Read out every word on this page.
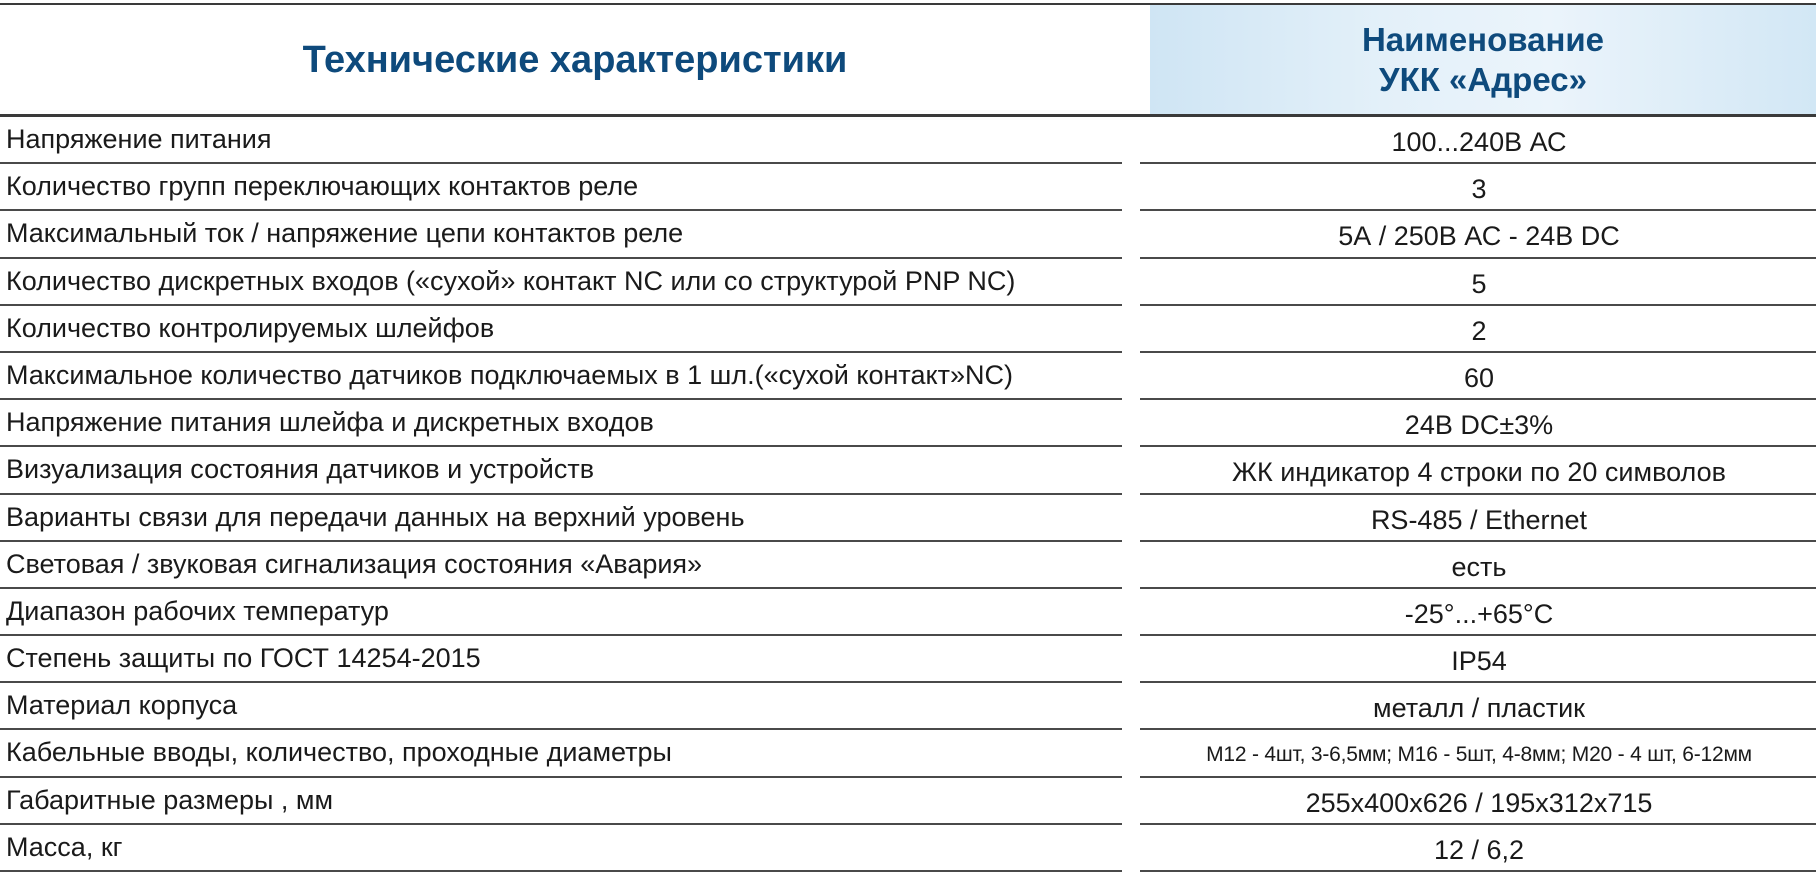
Технические характеристики	Наименование
УКК «Адрес»
Напряжение питания	100...240В АС
Количество групп переключающих контактов реле	3
Максимальный ток / напряжение цепи контактов реле	5А / 250В АС - 24В DC
Количество дискретных входов («сухой» контакт NC или со структурой PNP NC)	5
Количество контролируемых шлейфов	2
Максимальное количество датчиков подключаемых в 1 шл.(«сухой контакт»NC)	60
Напряжение питания шлейфа и дискретных входов	24В DC±3%
Визуализация состояния датчиков и устройств	ЖК индикатор 4 строки по 20 символов
Варианты связи для передачи данных на верхний уровень	RS-485 / Ethernet
Световая / звуковая сигнализация состояния «Авария»	есть
Диапазон рабочих температур	-25°...+65°С
Степень защиты по ГОСТ 14254-2015	IP54
Материал корпуса	металл / пластик
Кабельные вводы, количество, проходные диаметры	М12 - 4шт, 3-6,5мм; М16 - 5шт, 4-8мм; М20 - 4 шт, 6-12мм
Габаритные размеры , мм	255x400x626 / 195x312x715
Масса, кг	12 / 6,2
